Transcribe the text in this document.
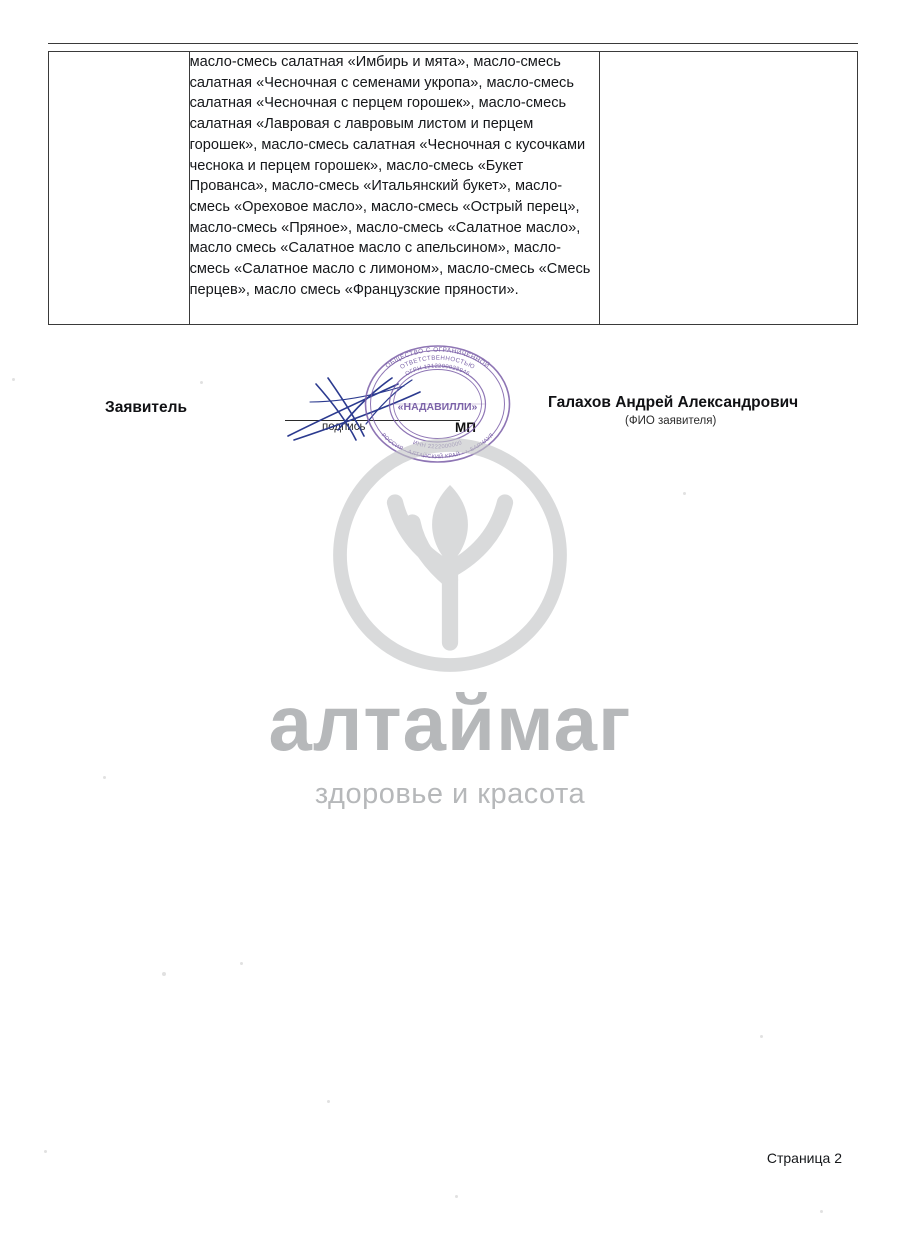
	масло-смесь салатная «Имбирь и мята», масло-смесь салатная «Чесночная с семенами укропа», масло-смесь салатная «Чесночная с перцем горошек», масло-смесь салатная «Лавровая с лавровым листом и перцем горошек», масло-смесь салатная «Чесночная с кусочками чеснока и перцем горошек», масло-смесь «Букет Прованса», масло-смесь «Итальянский букет», масло-смесь «Ореховое масло», масло-смесь «Острый перец», масло-смесь «Пряное», масло-смесь «Салатное масло», масло смесь «Салатное масло с апельсином», масло-смесь «Салатное масло с лимоном», масло-смесь «Смесь перцев», масло смесь «Французские пряности».	
Заявитель
подпись	МП
Галахов Андрей Александрович
(ФИО заявителя)
ОБЩЕСТВО С ОГРАНИЧЕННОЙ
ОТВЕТСТВЕННОСТЬЮ
ОГРН 1212200028946
«НАДАВИЛЛИ»
ИНН 2222000000
РОССИЯ · АЛТАЙСКИЙ КРАЙ · г. БАРНАУЛ
алтаймаг
здоровье и красота
Страница 2
